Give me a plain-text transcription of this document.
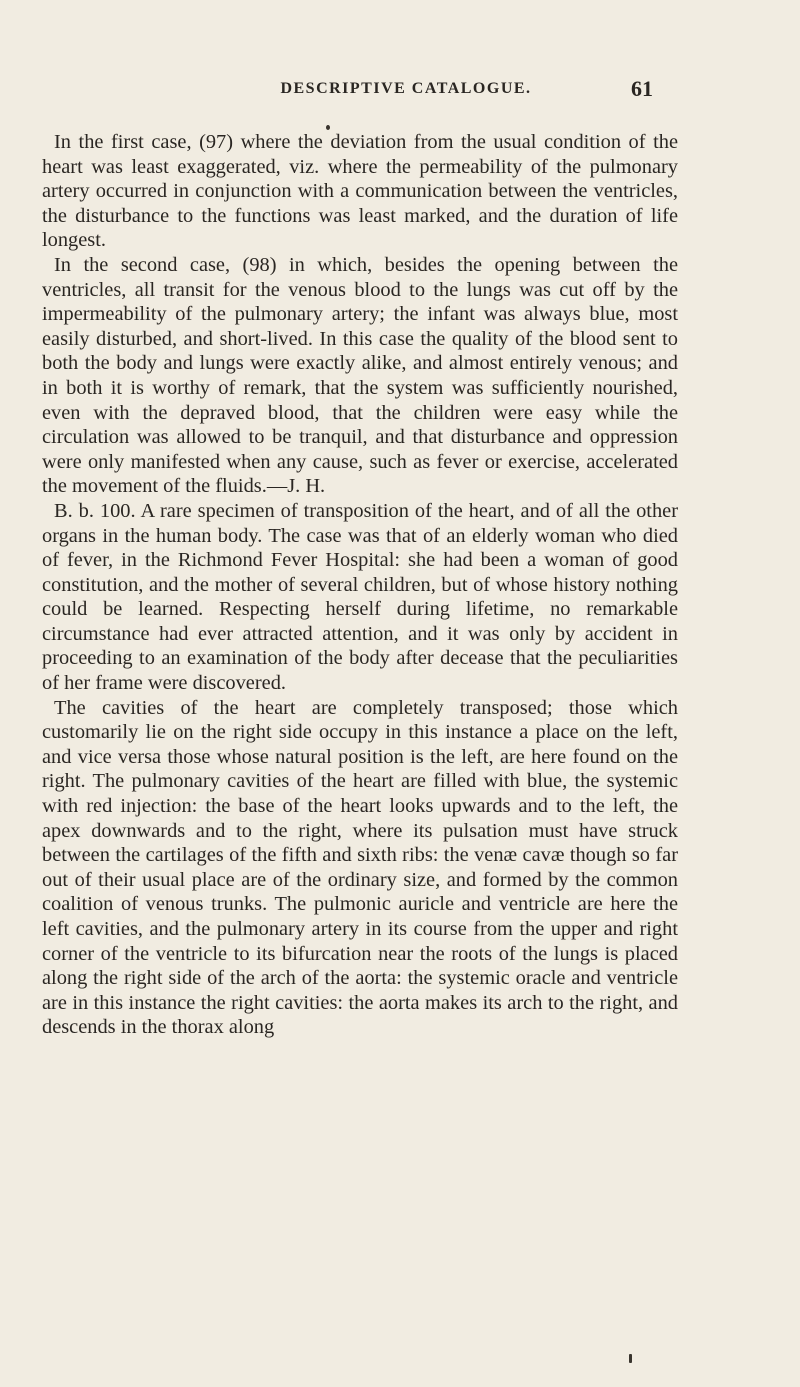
DESCRIPTIVE CATALOGUE.	61

In the first case, (97) where the deviation from the usual condition of the heart was least exaggerated, viz. where the permeability of the pulmonary artery occurred in conjunction with a communication between the ventricles, the disturbance to the functions was least marked, and the duration of life longest.

In the second case, (98) in which, besides the opening between the ventricles, all transit for the venous blood to the lungs was cut off by the impermeability of the pulmonary artery; the infant was always blue, most easily disturbed, and short-lived. In this case the quality of the blood sent to both the body and lungs were exactly alike, and almost entirely venous; and in both it is worthy of remark, that the system was sufficiently nourished, even with the depraved blood, that the children were easy while the circulation was allowed to be tranquil, and that disturbance and oppression were only manifested when any cause, such as fever or exercise, accelerated the movement of the fluids.—J. H.

B. b. 100. A rare specimen of transposition of the heart, and of all the other organs in the human body. The case was that of an elderly woman who died of fever, in the Richmond Fever Hospital: she had been a woman of good constitution, and the mother of several children, but of whose history nothing could be learned. Respecting herself during lifetime, no remarkable circumstance had ever attracted attention, and it was only by accident in proceeding to an examination of the body after decease that the peculiarities of her frame were discovered.

The cavities of the heart are completely transposed; those which customarily lie on the right side occupy in this instance a place on the left, and vice versa those whose natural position is the left, are here found on the right. The pulmonary cavities of the heart are filled with blue, the systemic with red injection: the base of the heart looks upwards and to the left, the apex downwards and to the right, where its pulsation must have struck between the cartilages of the fifth and sixth ribs: the venæ cavæ though so far out of their usual place are of the ordinary size, and formed by the common coalition of venous trunks. The pulmonic auricle and ventricle are here the left cavities, and the pulmonary artery in its course from the upper and right corner of the ventricle to its bifurcation near the roots of the lungs is placed along the right side of the arch of the aorta: the systemic oracle and ventricle are in this instance the right cavities: the aorta makes its arch to the right, and descends in the thorax along
